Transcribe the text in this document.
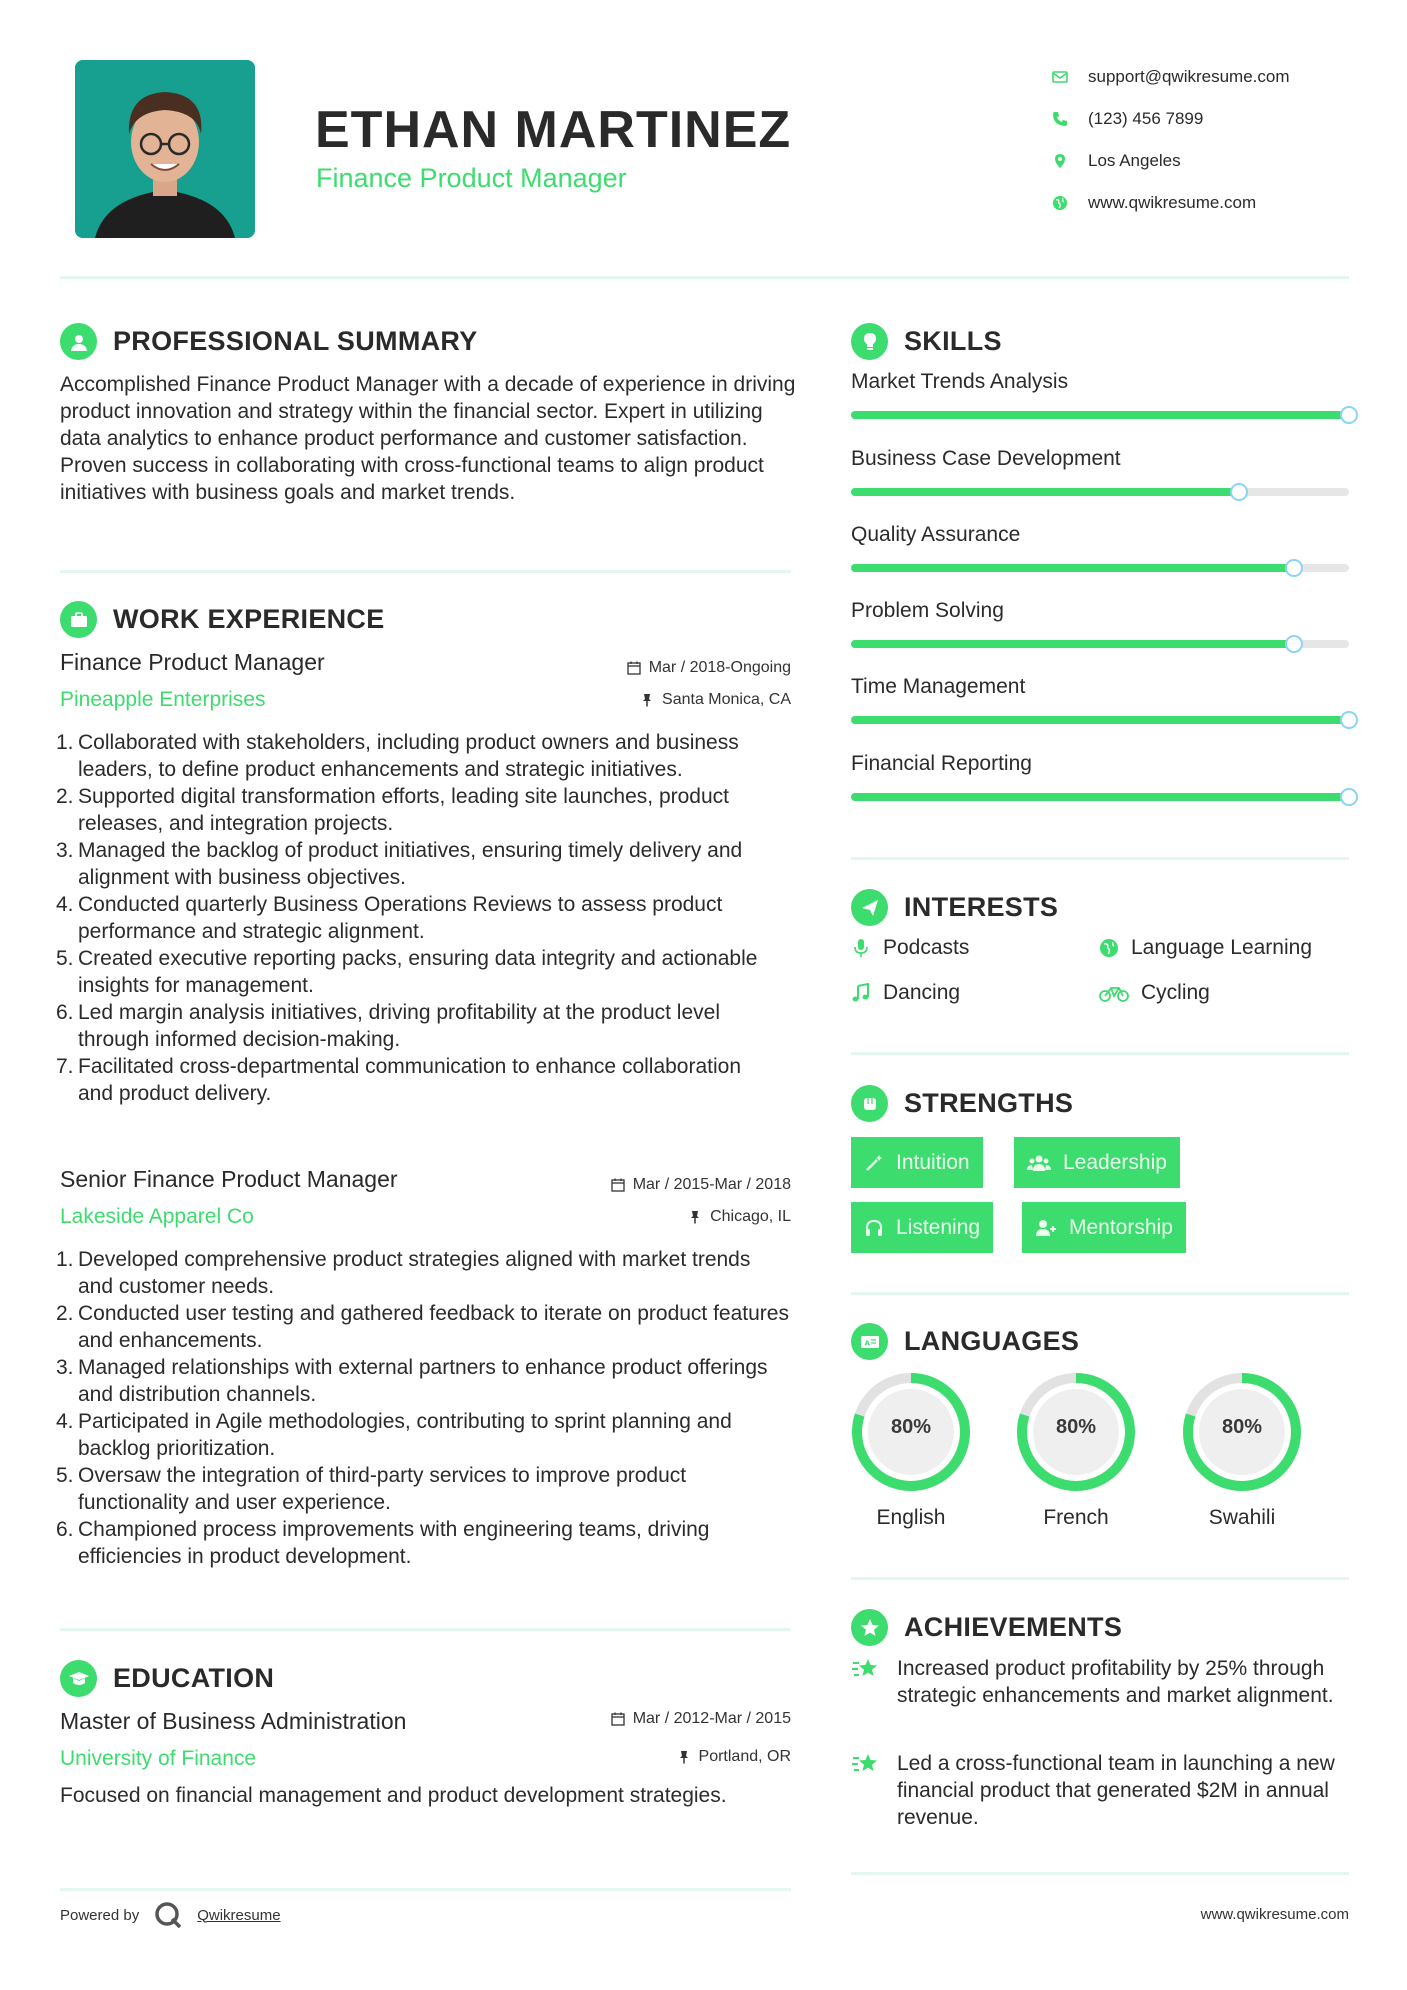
ETHAN MARTINEZ
Finance Product Manager
support@qwikresume.com
(123) 456 7899
Los Angeles
www.qwikresume.com
PROFESSIONAL SUMMARY
Accomplished Finance Product Manager with a decade of experience in driving product innovation and strategy within the financial sector. Expert in utilizing data analytics to enhance product performance and customer satisfaction. Proven success in collaborating with cross-functional teams to align product initiatives with business goals and market trends.
WORK EXPERIENCE
Finance Product Manager
Pineapple Enterprises
Mar / 2018-Ongoing
Santa Monica, CA
1. Collaborated with stakeholders, including product owners and business leaders, to define product enhancements and strategic initiatives.
2. Supported digital transformation efforts, leading site launches, product releases, and integration projects.
3. Managed the backlog of product initiatives, ensuring timely delivery and alignment with business objectives.
4. Conducted quarterly Business Operations Reviews to assess product performance and strategic alignment.
5. Created executive reporting packs, ensuring data integrity and actionable insights for management.
6. Led margin analysis initiatives, driving profitability at the product level through informed decision-making.
7. Facilitated cross-departmental communication to enhance collaboration and product delivery.
Senior Finance Product Manager
Lakeside Apparel Co
Mar / 2015-Mar / 2018
Chicago, IL
1. Developed comprehensive product strategies aligned with market trends and customer needs.
2. Conducted user testing and gathered feedback to iterate on product features and enhancements.
3. Managed relationships with external partners to enhance product offerings and distribution channels.
4. Participated in Agile methodologies, contributing to sprint planning and backlog prioritization.
5. Oversaw the integration of third-party services to improve product functionality and user experience.
6. Championed process improvements with engineering teams, driving efficiencies in product development.
EDUCATION
Master of Business Administration
University of Finance
Mar / 2012-Mar / 2015
Portland, OR
Focused on financial management and product development strategies.
SKILLS
Market Trends Analysis
Business Case Development
Quality Assurance
Problem Solving
Time Management
Financial Reporting
INTERESTS
Podcasts	Language Learning
Dancing	Cycling
STRENGTHS
Intuition	Leadership
Listening	Mentorship
A LANGUAGES
80%
English
80%
French
80%
Swahili
ACHIEVEMENTS
Increased product profitability by 25% through strategic enhancements and market alignment.
Led a cross-functional team in launching a new financial product that generated $2M in annual revenue.
Powered by	Qwikresume	www.qwikresume.com
